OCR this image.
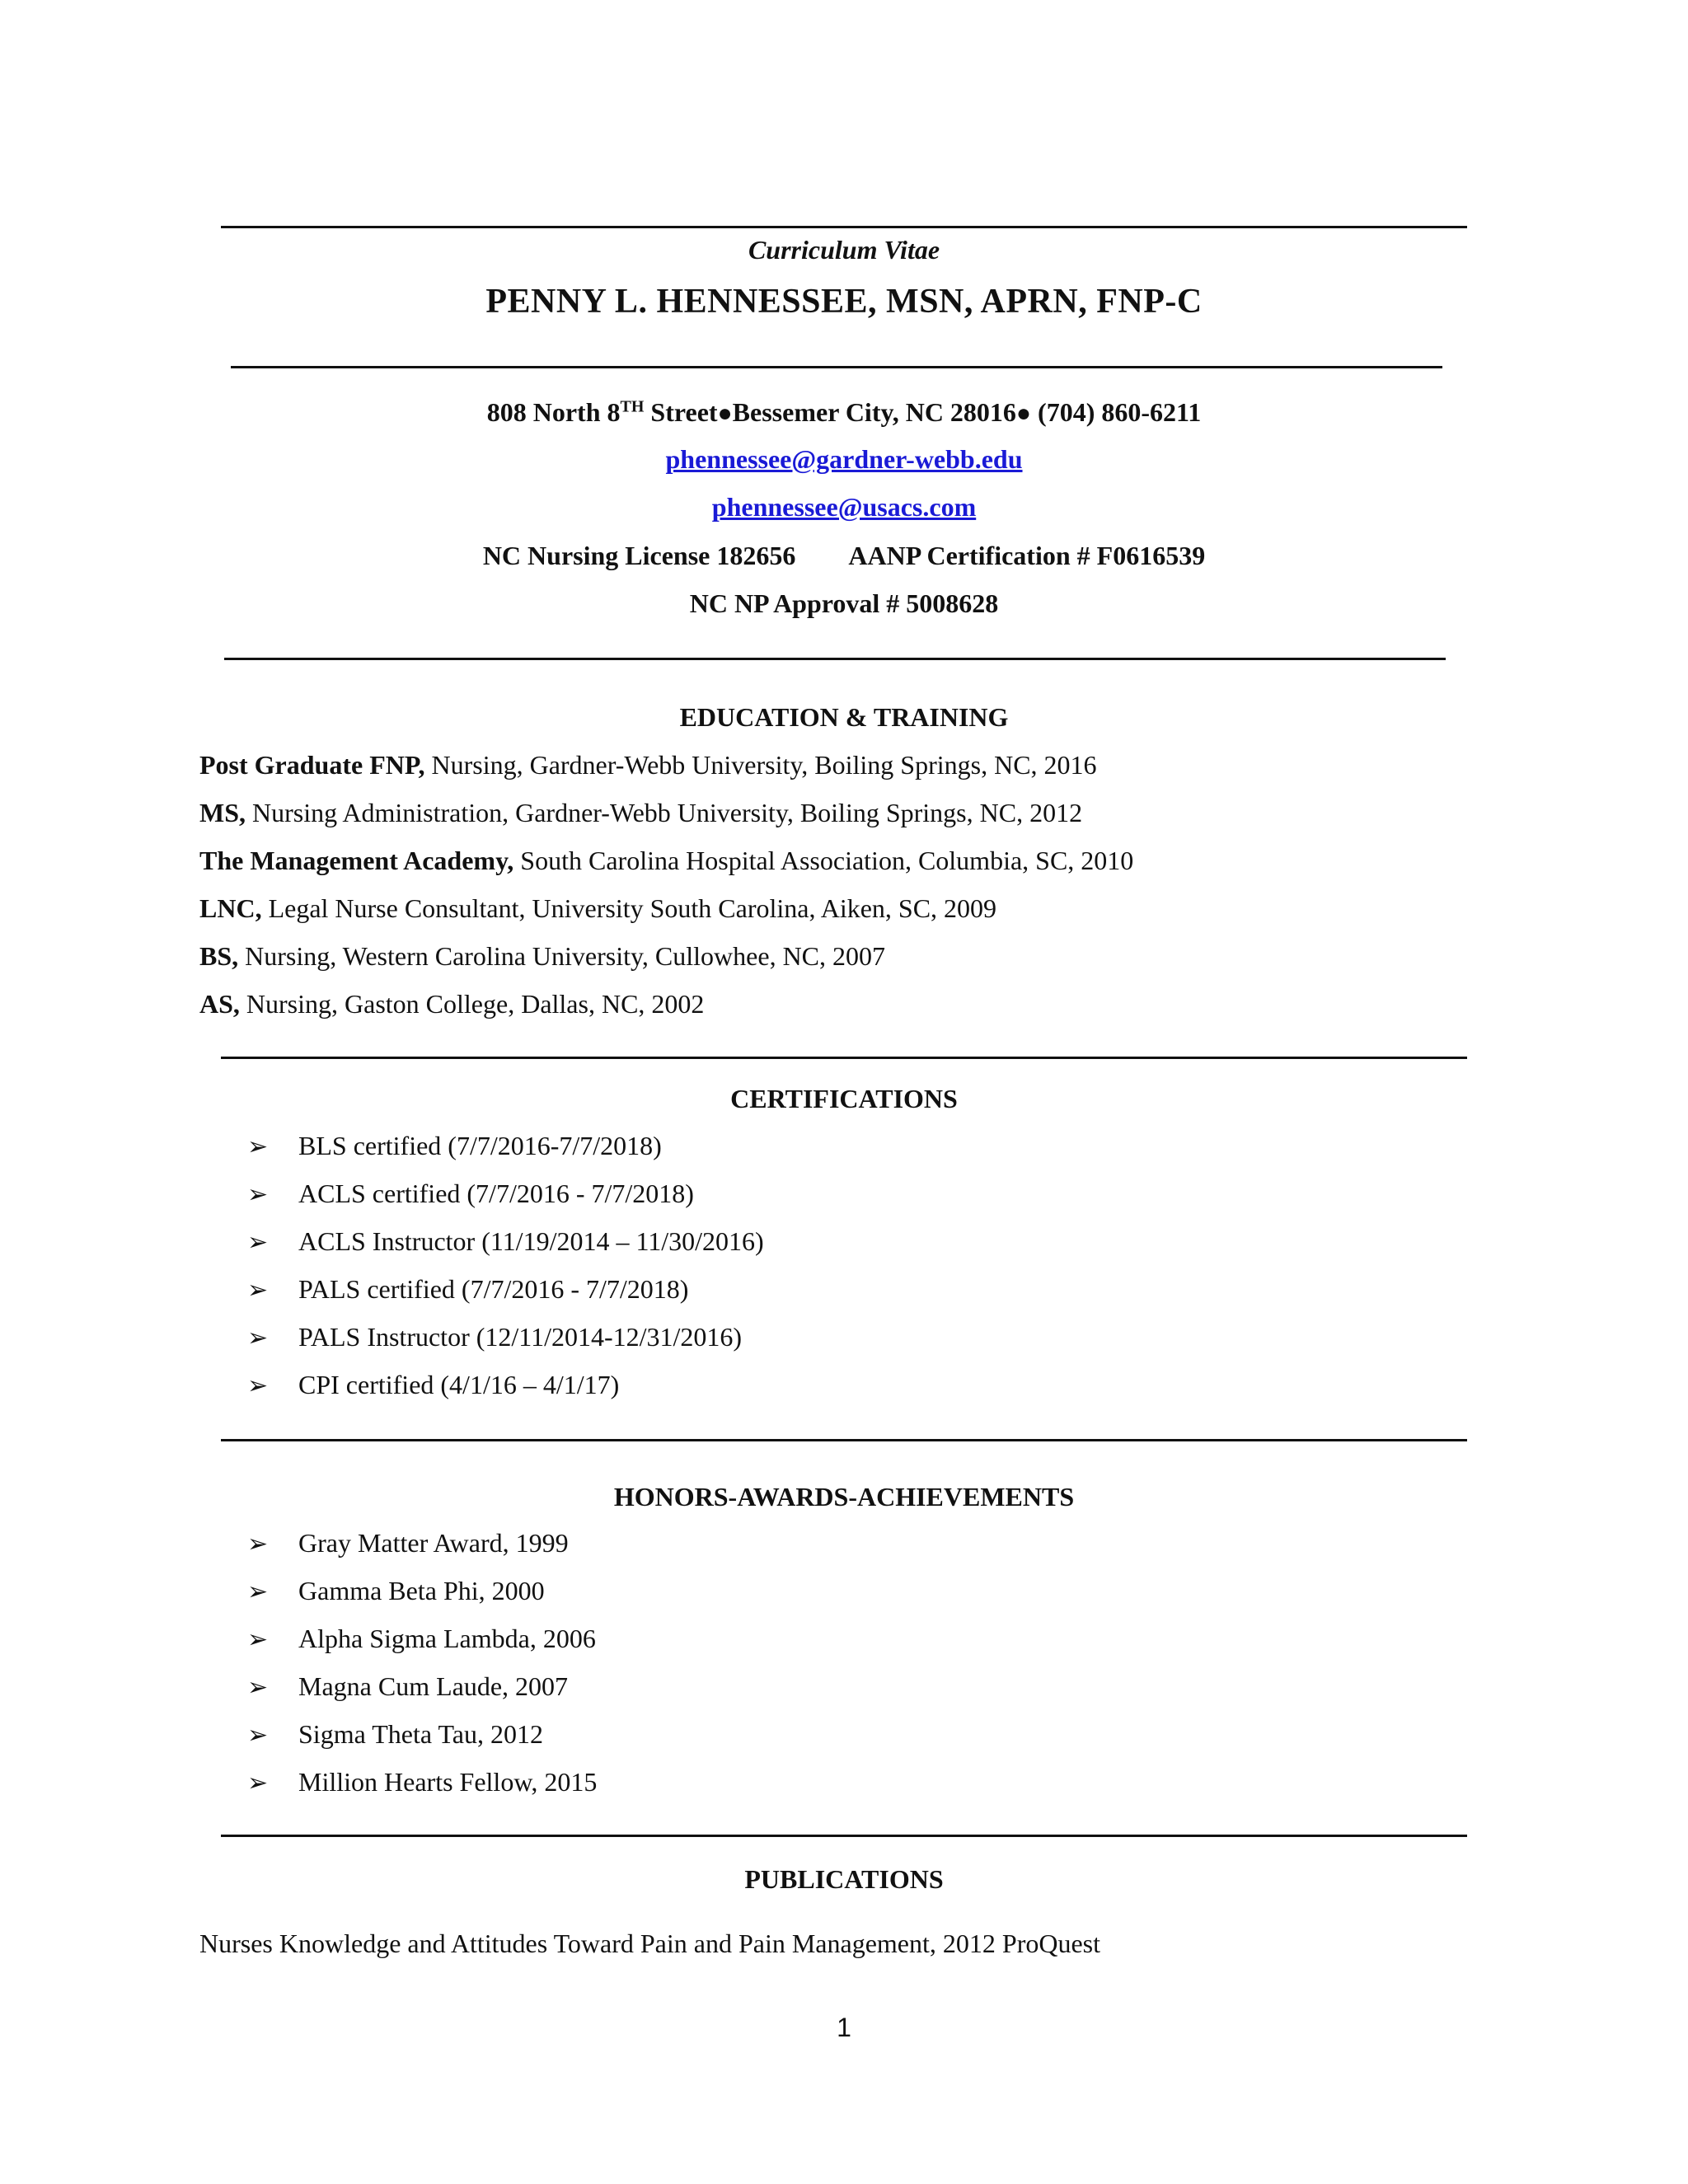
Curriculum Vitae
PENNY L. HENNESSEE, MSN, APRN, FNP-C
808 North 8TH Street●Bessemer City, NC 28016● (704) 860-6211
phennessee@gardner-webb.edu
phennessee@usacs.com
NC Nursing License 182656 AANP Certification # F0616539
NC NP Approval # 5008628
EDUCATION & TRAINING
Post Graduate FNP, Nursing, Gardner-Webb University, Boiling Springs, NC, 2016
MS, Nursing Administration, Gardner-Webb University, Boiling Springs, NC, 2012
The Management Academy, South Carolina Hospital Association, Columbia, SC, 2010
LNC, Legal Nurse Consultant, University South Carolina, Aiken, SC, 2009
BS, Nursing, Western Carolina University, Cullowhee, NC, 2007
AS, Nursing, Gaston College, Dallas, NC, 2002
CERTIFICATIONS
➢ BLS certified (7/7/2016-7/7/2018)
➢ ACLS certified (7/7/2016 - 7/7/2018)
➢ ACLS Instructor (11/19/2014 – 11/30/2016)
➢ PALS certified (7/7/2016 - 7/7/2018)
➢ PALS Instructor (12/11/2014-12/31/2016)
➢ CPI certified (4/1/16 – 4/1/17)
HONORS-AWARDS-ACHIEVEMENTS
➢ Gray Matter Award, 1999
➢ Gamma Beta Phi, 2000
➢ Alpha Sigma Lambda, 2006
➢ Magna Cum Laude, 2007
➢ Sigma Theta Tau, 2012
➢ Million Hearts Fellow, 2015
PUBLICATIONS
Nurses Knowledge and Attitudes Toward Pain and Pain Management, 2012 ProQuest
1
